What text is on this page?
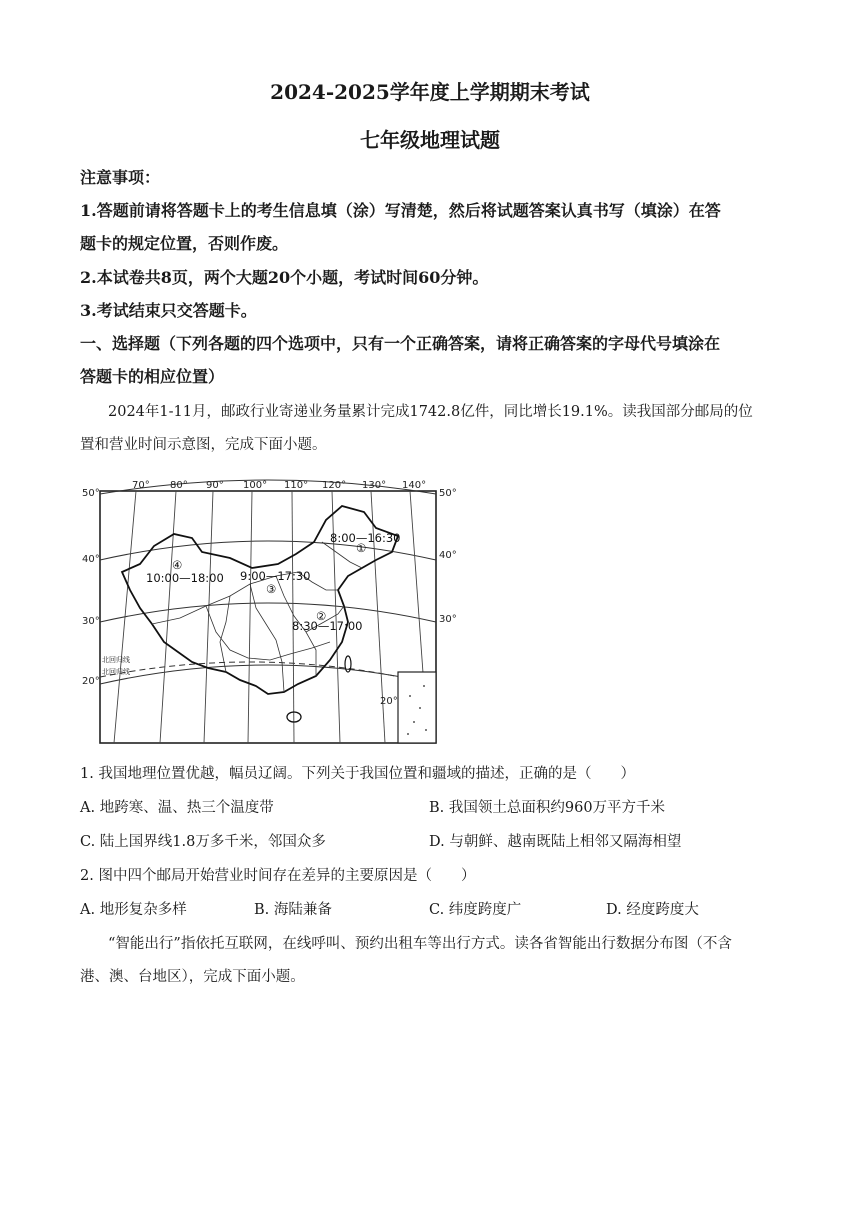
2024-2025学年度上学期期末考试
七年级地理试题
注意事项：
1.答题前请将答题卡上的考生信息填（涂）写清楚，然后将试题答案认真书写（填涂）在答
题卡的规定位置，否则作废。
2.本试卷共8页，两个大题20个小题，考试时间60分钟。
3.考试结束只交答题卡。
一、选择题（下列各题的四个选项中，只有一个正确答案，请将正确答案的字母代号填涂在
答题卡的相应位置）
2024年1-11月，邮政行业寄递业务量累计完成1742.8亿件，同比增长19.1%。读我国部分邮局的位
置和营业时间示意图，完成下面小题。
70° 80° 90° 100° 110° 120° 130° 140°
50°
40°
30°
20°
50°
40°
30°
20°
北回归线
北回归线
①
8:00—16:30
②
8:30—17:00
③
9:00—17:30
④
10:00—18:00
1. 我国地理位置优越，幅员辽阔。下列关于我国位置和疆域的描述，正确的是（　　）
A. 地跨寒、温、热三个温度带	B. 我国领土总面积约960万平方千米
C. 陆上国界线1.8万多千米，邻国众多	D. 与朝鲜、越南既陆上相邻又隔海相望
2. 图中四个邮局开始营业时间存在差异的主要原因是（　　）
A. 地形复杂多样	B. 海陆兼备	C. 纬度跨度广	D. 经度跨度大
“智能出行”指依托互联网，在线呼叫、预约出租车等出行方式。读各省智能出行数据分布图（不含
港、澳、台地区），完成下面小题。
